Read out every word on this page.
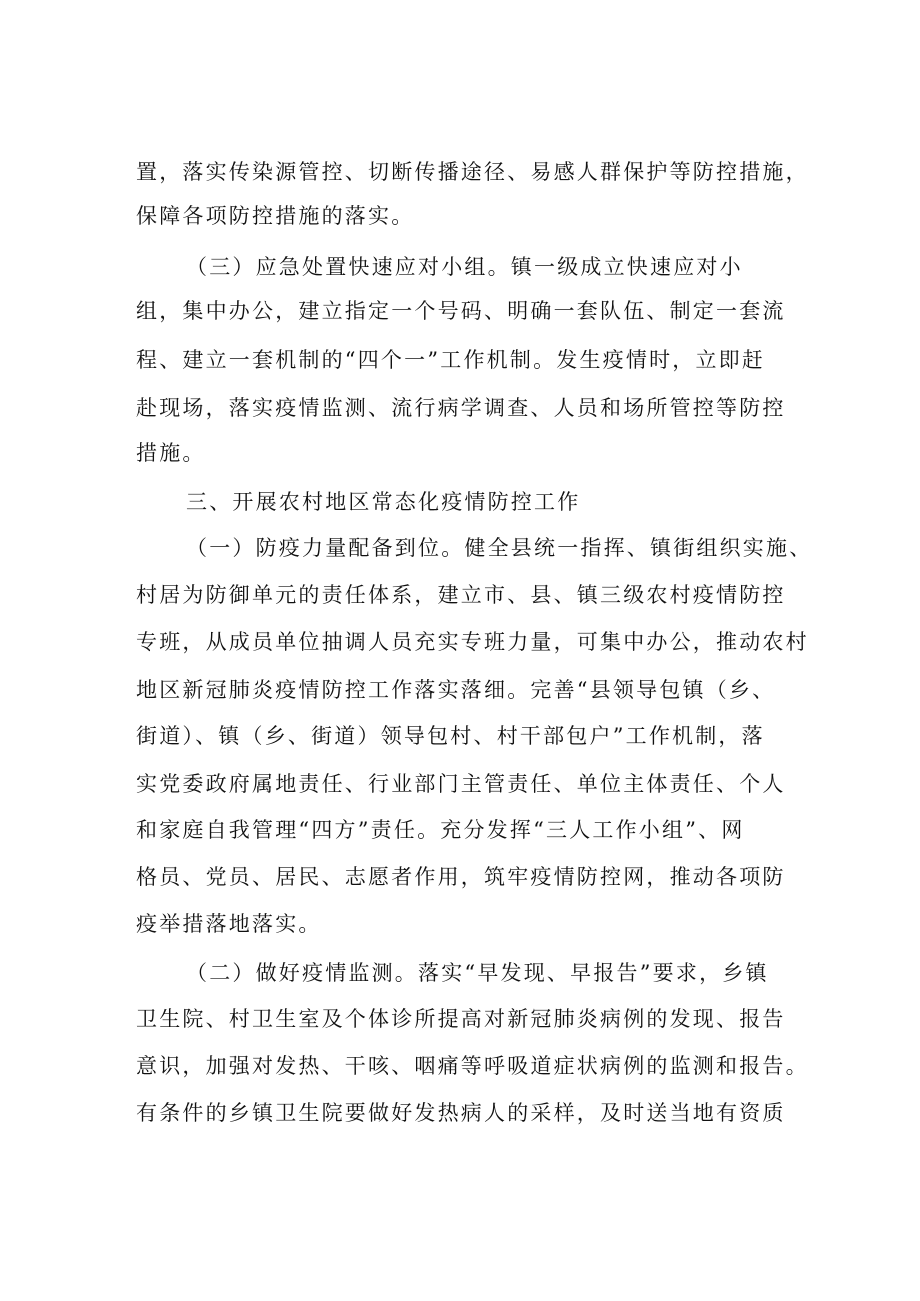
置，落实传染源管控、切断传播途径、易感人群保护等防控措施，
保障各项防控措施的落实。
（三）应急处置快速应对小组。镇一级成立快速应对小
组，集中办公，建立指定一个号码、明确一套队伍、制定一套流
程、建立一套机制的“四个一”工作机制。发生疫情时，立即赶
赴现场，落实疫情监测、流行病学调查、人员和场所管控等防控
措施。
三、开展农村地区常态化疫情防控工作
（一）防疫力量配备到位。健全县统一指挥、镇街组织实施、
村居为防御单元的责任体系，建立市、县、镇三级农村疫情防控
专班，从成员单位抽调人员充实专班力量，可集中办公，推动农村
地区新冠肺炎疫情防控工作落实落细。完善“县领导包镇（乡、
街道）、镇（乡、街道）领导包村、村干部包户”工作机制，落
实党委政府属地责任、行业部门主管责任、单位主体责任、个人
和家庭自我管理“四方”责任。充分发挥“三人工作小组”、网
格员、党员、居民、志愿者作用，筑牢疫情防控网，推动各项防
疫举措落地落实。
（二）做好疫情监测。落实“早发现、早报告”要求，乡镇
卫生院、村卫生室及个体诊所提高对新冠肺炎病例的发现、报告
意识，加强对发热、干咳、咽痛等呼吸道症状病例的监测和报告。
有条件的乡镇卫生院要做好发热病人的采样，及时送当地有资质
